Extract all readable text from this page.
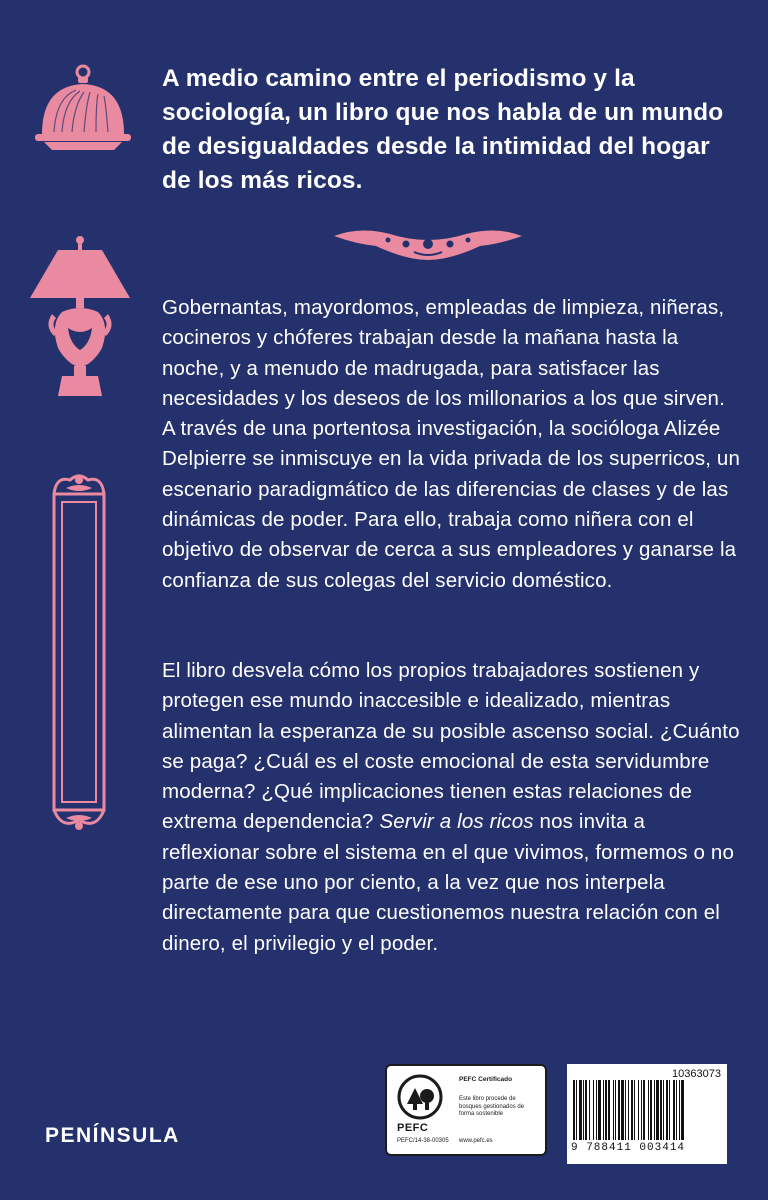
A medio camino entre el periodismo y la sociología, un libro que nos habla de un mundo de desigualdades desde la intimidad del hogar de los más ricos.

Gobernantas, mayordomos, empleadas de limpieza, niñeras, cocineros y chóferes trabajan desde la mañana hasta la noche, y a menudo de madrugada, para satisfacer las necesidades y los deseos de los millonarios a los que sirven. A través de una portentosa investigación, la socióloga Alizée Delpierre se inmiscuye en la vida privada de los superricos, un escenario paradigmático de las diferencias de clases y de las dinámicas de poder. Para ello, trabaja como niñera con el objetivo de observar de cerca a sus empleadores y ganarse la confianza de sus colegas del servicio doméstico.

El libro desvela cómo los propios trabajadores sostienen y protegen ese mundo inaccesible e idealizado, mientras alimentan la esperanza de su posible ascenso social. ¿Cuánto se paga? ¿Cuál es el coste emocional de esta servidumbre moderna? ¿Qué implicaciones tienen estas relaciones de extrema dependencia? Servir a los ricos nos invita a reflexionar sobre el sistema en el que vivimos, formemos o no parte de ese uno por ciento, a la vez que nos interpela directamente para que cuestionemos nuestra relación con el dinero, el privilegio y el poder.

PENÍNSULA	PEFC
PEFC/14-38-00305
PEFC Certificado
Este libro procede de bosques gestionados de forma sostenible
www.pefc.es
10363073
9 788411 003414
